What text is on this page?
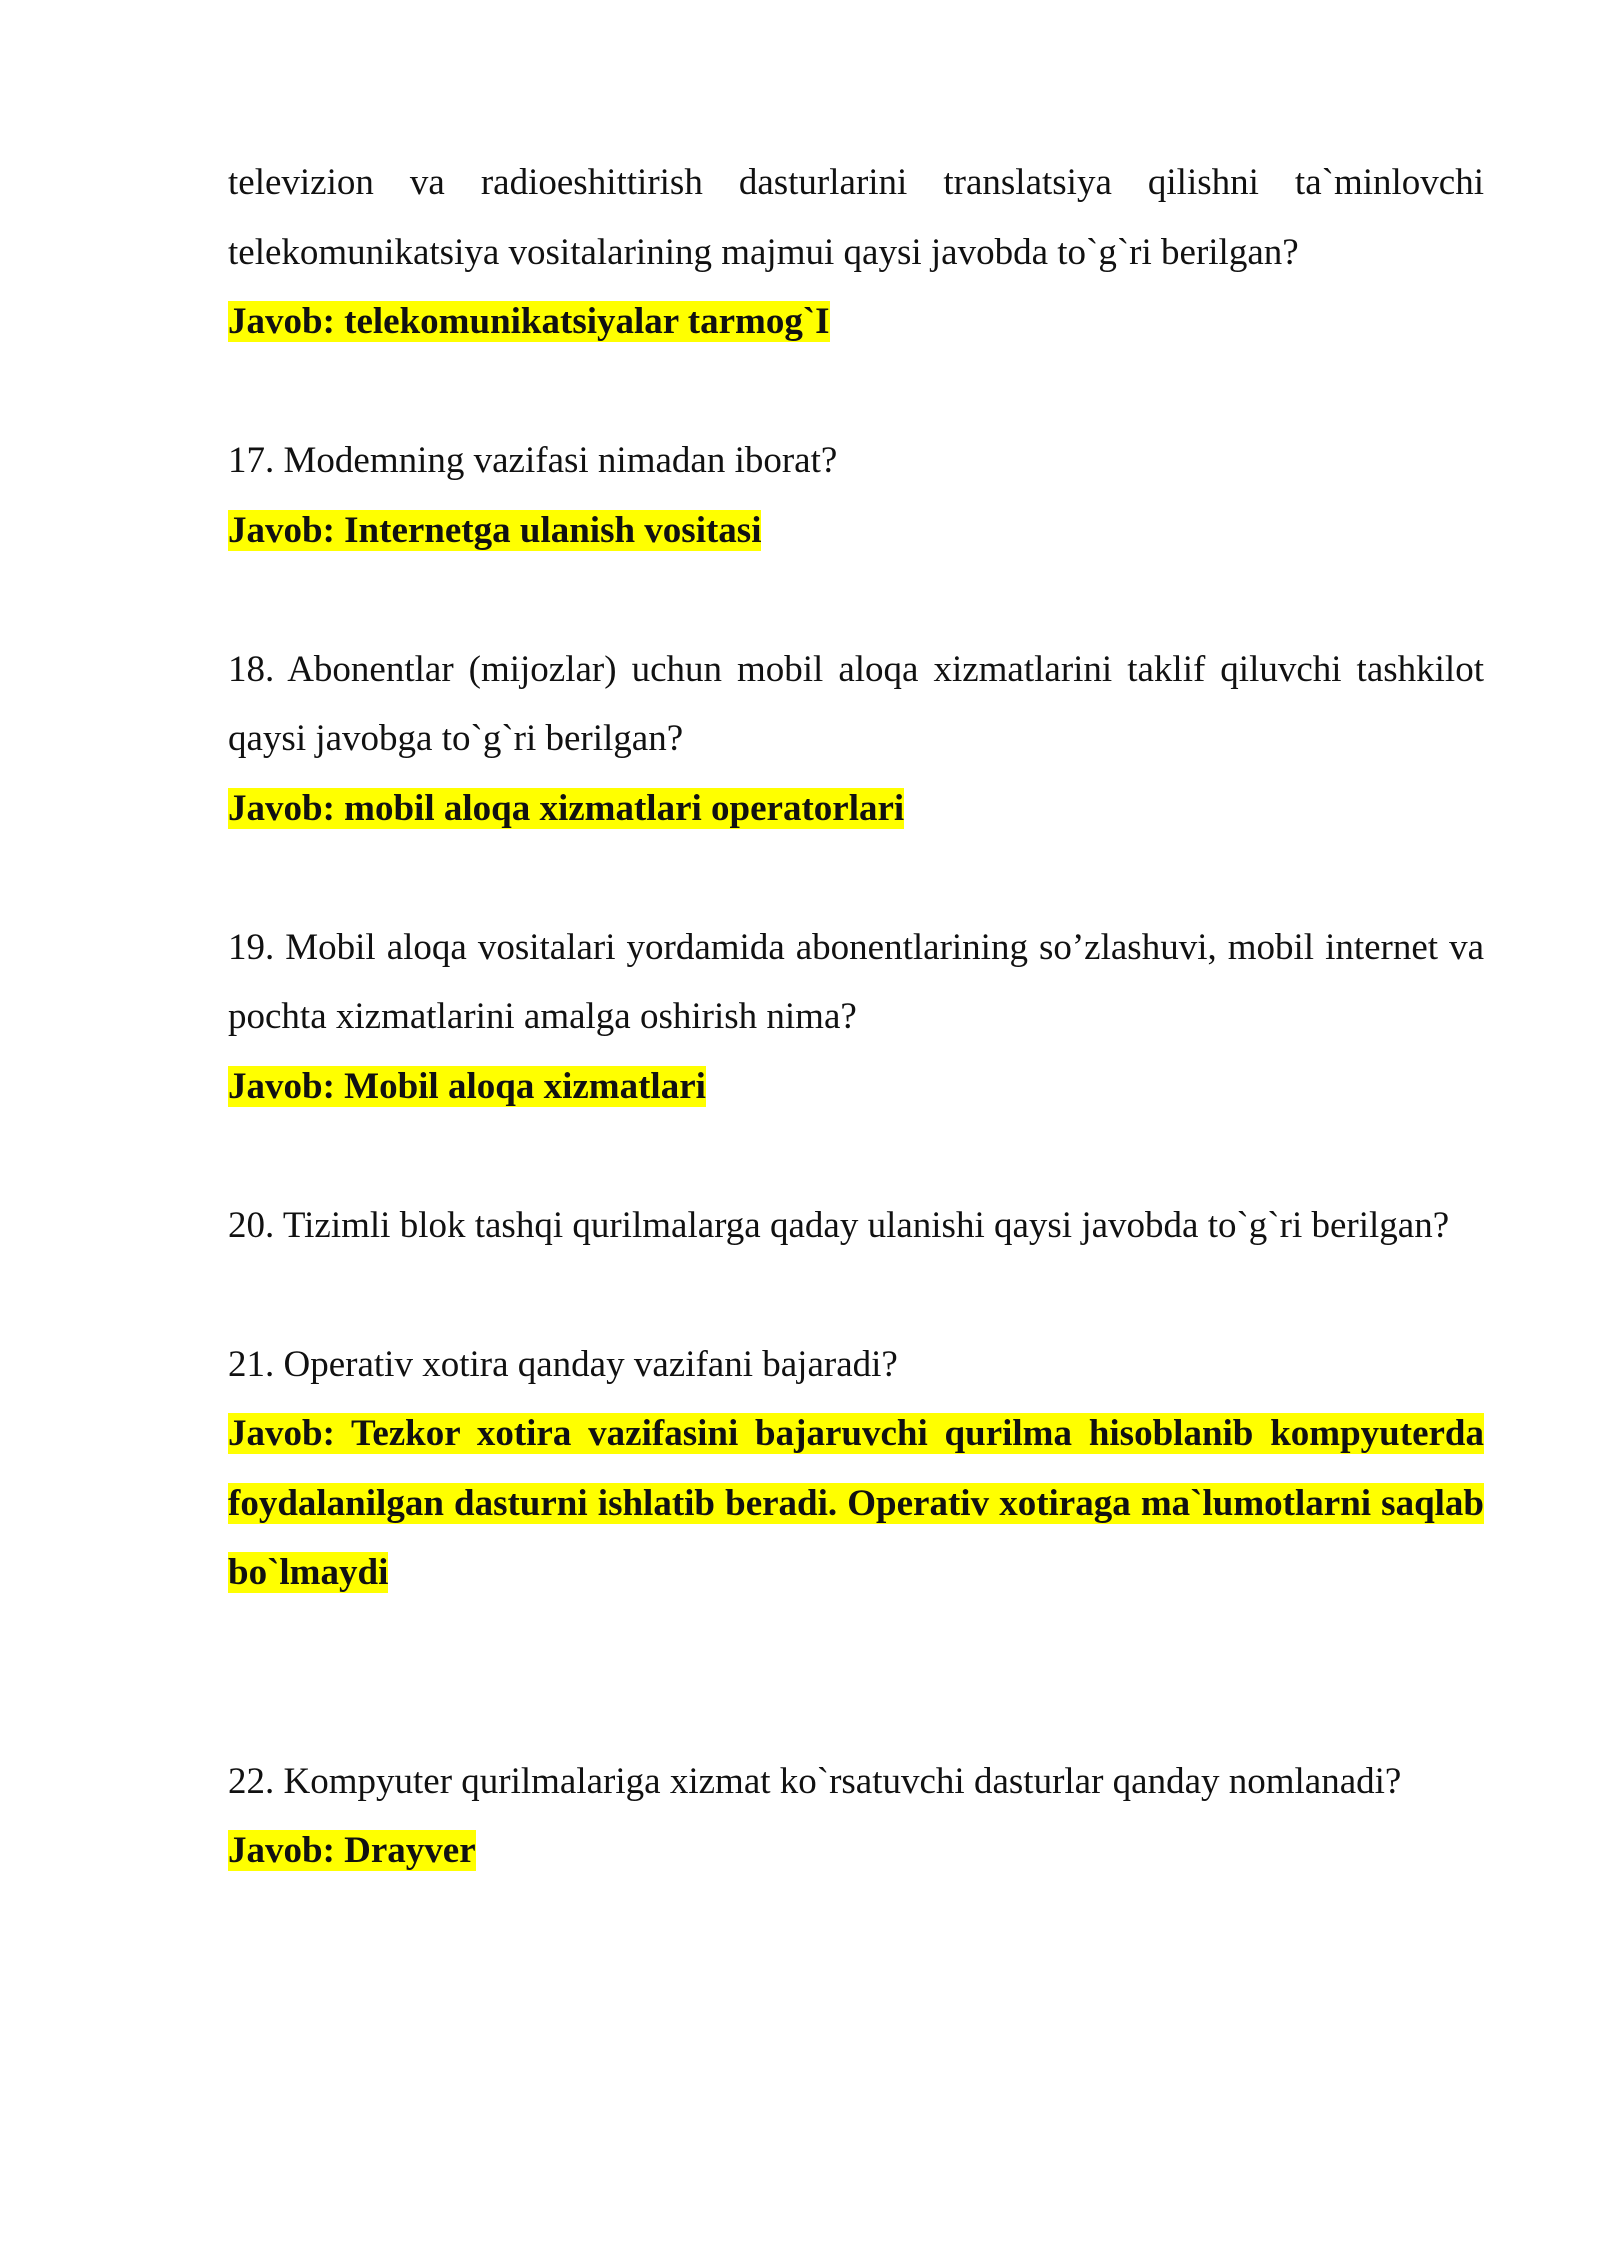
televizion va radioeshittirish dasturlarini translatsiya qilishni ta`minlovchi telekomunikatsiya vositalarining majmui qaysi javobda to`g`ri berilgan?

Javob: telekomunikatsiyalar tarmog`I

17. Modemning vazifasi nimadan iborat?

Javob: Internetga ulanish vositasi

18. Abonentlar (mijozlar) uchun mobil aloqa xizmatlarini taklif qiluvchi tashkilot qaysi javobga to`g`ri berilgan?

Javob: mobil aloqa xizmatlari operatorlari

19. Mobil aloqa vositalari yordamida abonentlarining so’zlashuvi, mobil internet va pochta xizmatlarini amalga oshirish nima?

Javob: Mobil aloqa xizmatlari

20. Tizimli blok tashqi qurilmalarga qaday ulanishi qaysi javobda to`g`ri berilgan?

21. Operativ xotira qanday vazifani bajaradi?

Javob: Tezkor xotira vazifasini bajaruvchi qurilma hisoblanib kompyuterda foydalanilgan dasturni ishlatib beradi. Operativ xotiraga ma`lumotlarni saqlab bo`lmaydi

22. Kompyuter qurilmalariga xizmat ko`rsatuvchi dasturlar qanday nomlanadi?

Javob: Drayver
